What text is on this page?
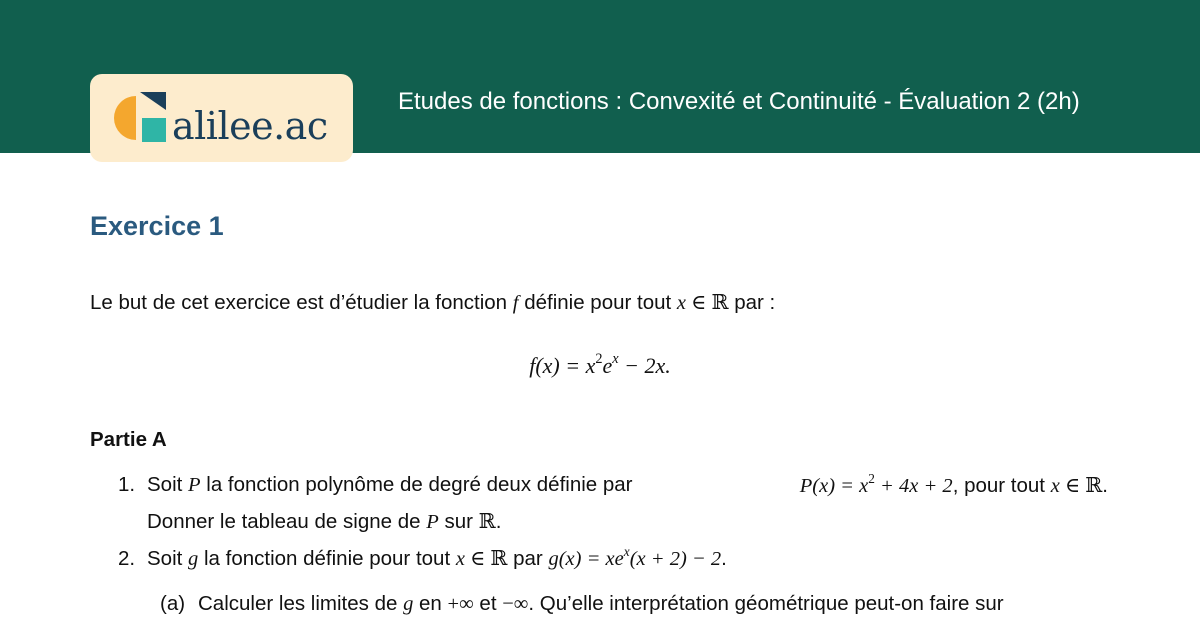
alilee.ac
Etudes de fonctions : Convexité et Continuité - Évaluation 2 (2h)
Exercice 1
Le but de cet exercice est d’étudier la fonction f définie pour tout x ∈ ℝ par :
$f(x) = x^2e^x - 2x$.
Partie A
1. Soit P la fonction polynôme de degré deux définie par	$P(x) = x^2 + 4x + 2$, pour tout x ∈ ℝ.
Donner le tableau de signe de P sur ℝ.
2. Soit g la fonction définie pour tout x ∈ ℝ par $g(x) = xe^x(x + 2) - 2$.
(a) Calculer les limites de g en +∞ et −∞. Qu’elle interprétation géométrique peut-on faire sur
